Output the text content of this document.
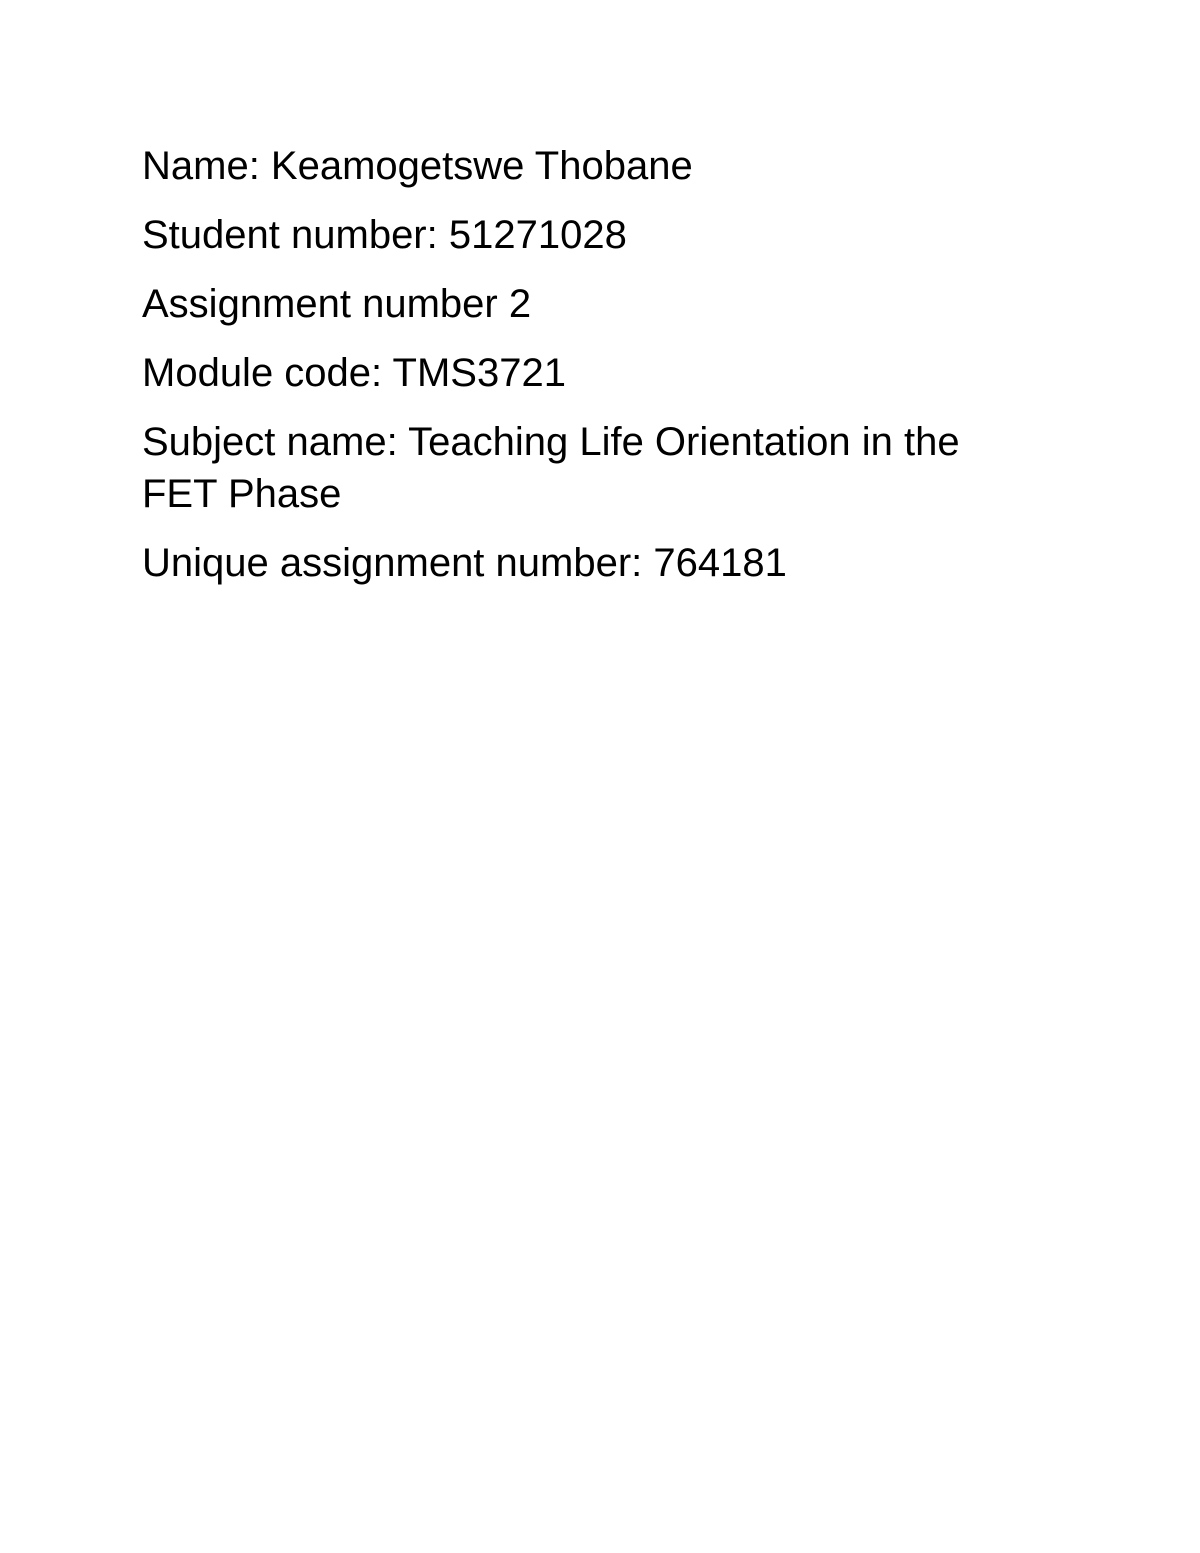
Name: Keamogetswe Thobane

Student number: 51271028

Assignment number 2

Module code: TMS3721

Subject name: Teaching Life Orientation in the FET Phase

Unique assignment number: 764181
